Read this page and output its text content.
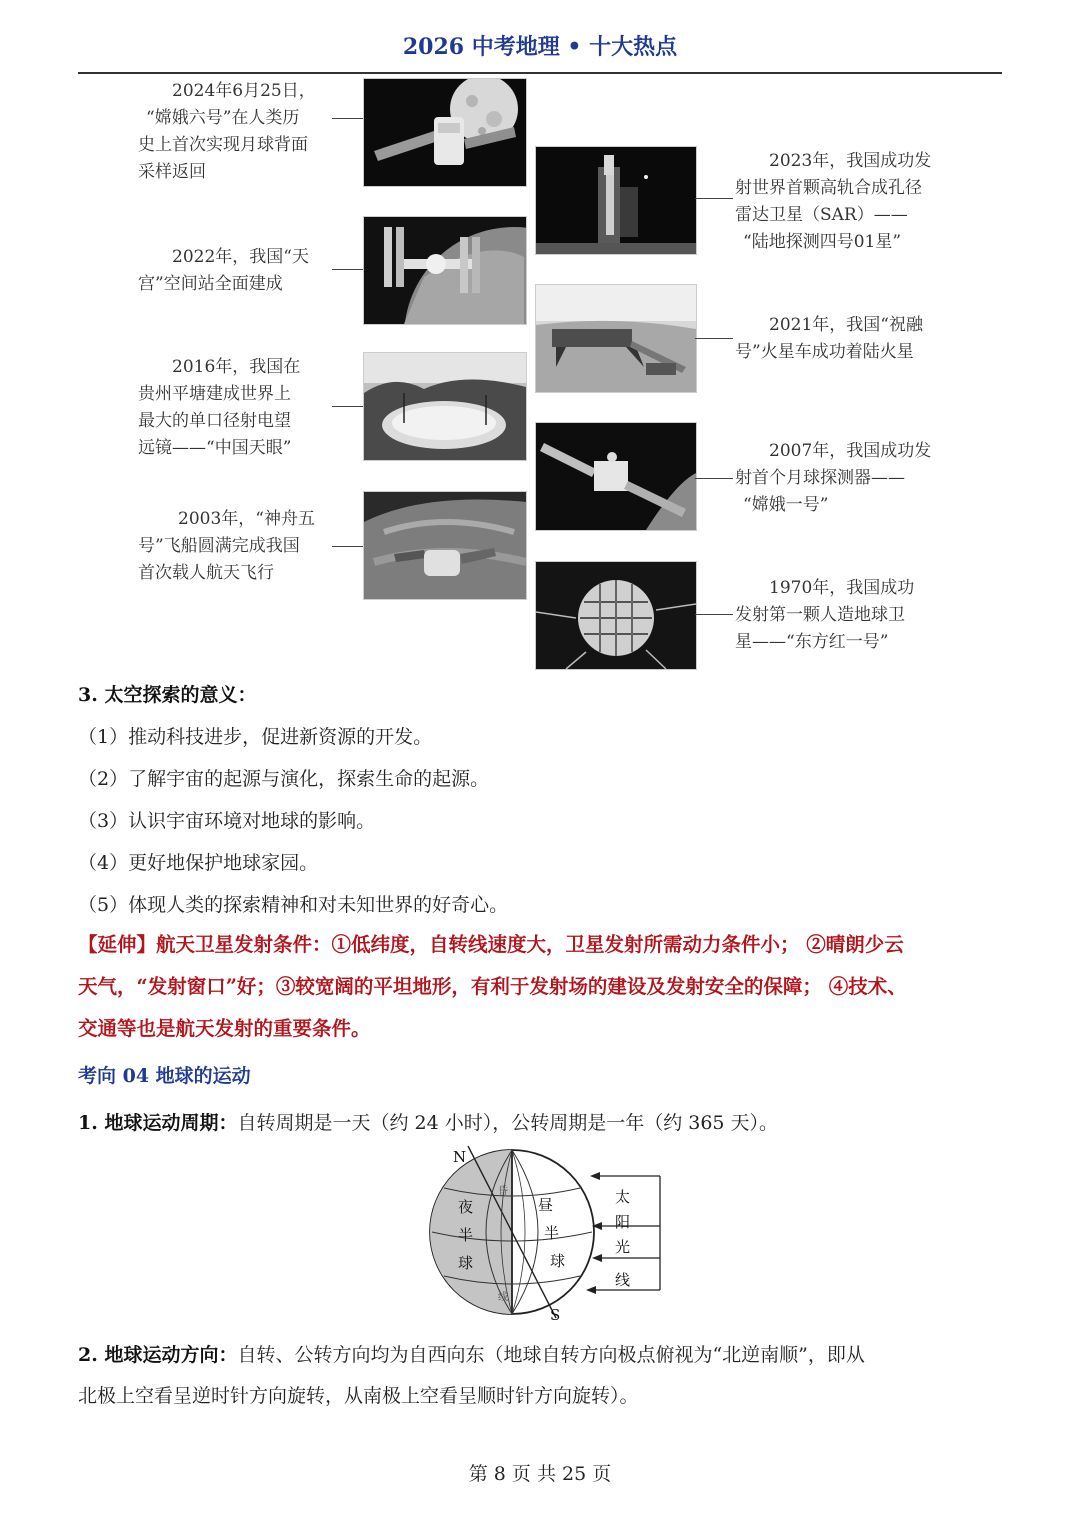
2026 中考地理 • 十大热点
2024年6月25日，
“嫦娥六号”在人类历
史上首次实现月球背面
采样返回
2022年，我国“天
宫”空间站全面建成
2016年，我国在
贵州平塘建成世界上
最大的单口径射电望
远镜——“中国天眼”
2003年，“神舟五
号”飞船圆满完成我国
首次载人航天飞行
2023年，我国成功发
射世界首颗高轨合成孔径
雷达卫星（SAR）——
“陆地探测四号01星”
2021年，我国“祝融
号”火星车成功着陆火星
2007年，我国成功发
射首个月球探测器——
“嫦娥一号”
1970年，我国成功
发射第一颗人造地球卫
星——“东方红一号”
3. 太空探索的意义：
（1）推动科技进步，促进新资源的开发。
（2）了解宇宙的起源与演化，探索生命的起源。
（3）认识宇宙环境对地球的影响。
（4）更好地保护地球家园。
（5）体现人类的探索精神和对未知世界的好奇心。
【延伸】航天卫星发射条件：①低纬度，自转线速度大，卫星发射所需动力条件小； ②晴朗少云
天气，“发射窗口”好；③较宽阔的平坦地形，有利于发射场的建设及发射安全的保障； ④技术、
交通等也是航天发射的重要条件。
考向 04 地球的运动
1. 地球运动周期：自转周期是一天（约 24 小时），公转周期是一年（约 365 天）。
N
S
夜
半
球
昼
半
球
昏
线
太
阳
光
线
2. 地球运动方向：自转、公转方向均为自西向东（地球自转方向极点俯视为“北逆南顺”，即从
北极上空看呈逆时针方向旋转，从南极上空看呈顺时针方向旋转）。
第 8 页 共 25 页
